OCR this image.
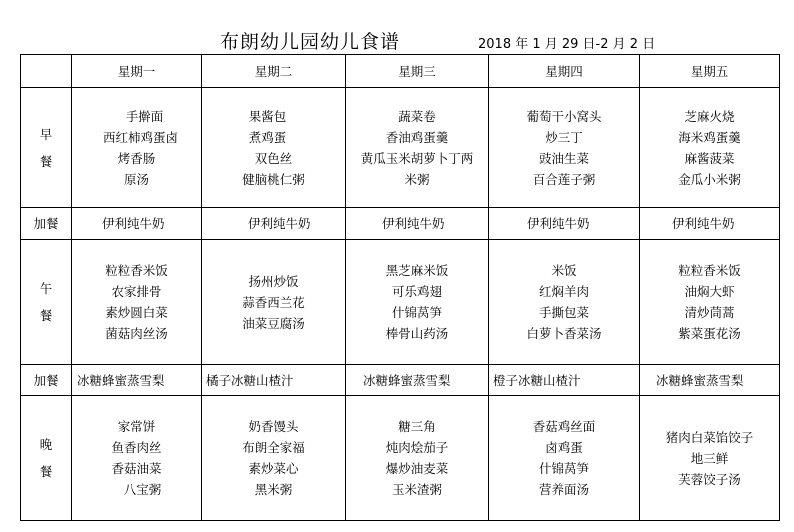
布朗幼儿园幼儿食谱	2018 年 1 月 29 日-2 月 2 日
	星期一	星期二	星期三	星期四	星期五
早
餐	手擀面
西红柿鸡蛋卤
烤香肠
原汤	果酱包
煮鸡蛋
双色丝
健脑桃仁粥	蔬菜卷
香油鸡蛋羹
黄瓜玉米胡萝卜丁两
米粥	葡萄干小窝头
炒三丁
豉油生菜
百合莲子粥	芝麻火烧
海米鸡蛋羹
麻酱菠菜
金瓜小米粥

加餐	伊利纯牛奶	伊利纯牛奶	伊利纯牛奶	伊利纯牛奶	伊利纯牛奶
午
餐	粒粒香米饭
农家排骨
素炒圆白菜
菌菇肉丝汤	扬州炒饭
蒜香西兰花
油菜豆腐汤	黑芝麻米饭
可乐鸡翅
什锦莴笋
棒骨山药汤	米饭
红焖羊肉
手撕包菜
白萝卜香菜汤	粒粒香米饭
油焖大虾
清炒茼蒿
紫菜蛋花汤

加餐	冰糖蜂蜜蒸雪梨	橘子冰糖山楂汁	冰糖蜂蜜蒸雪梨	橙子冰糖山楂汁	冰糖蜂蜜蒸雪梨
晚
餐	家常饼
鱼香肉丝
香菇油菜
八宝粥	奶香馒头
布朗全家福
素炒菜心
黑米粥	糖三角
炖肉烩茄子
爆炒油麦菜
玉米渣粥	香菇鸡丝面
卤鸡蛋
什锦莴笋
营养面汤	猪肉白菜馅饺子
地三鲜
芙蓉饺子汤
